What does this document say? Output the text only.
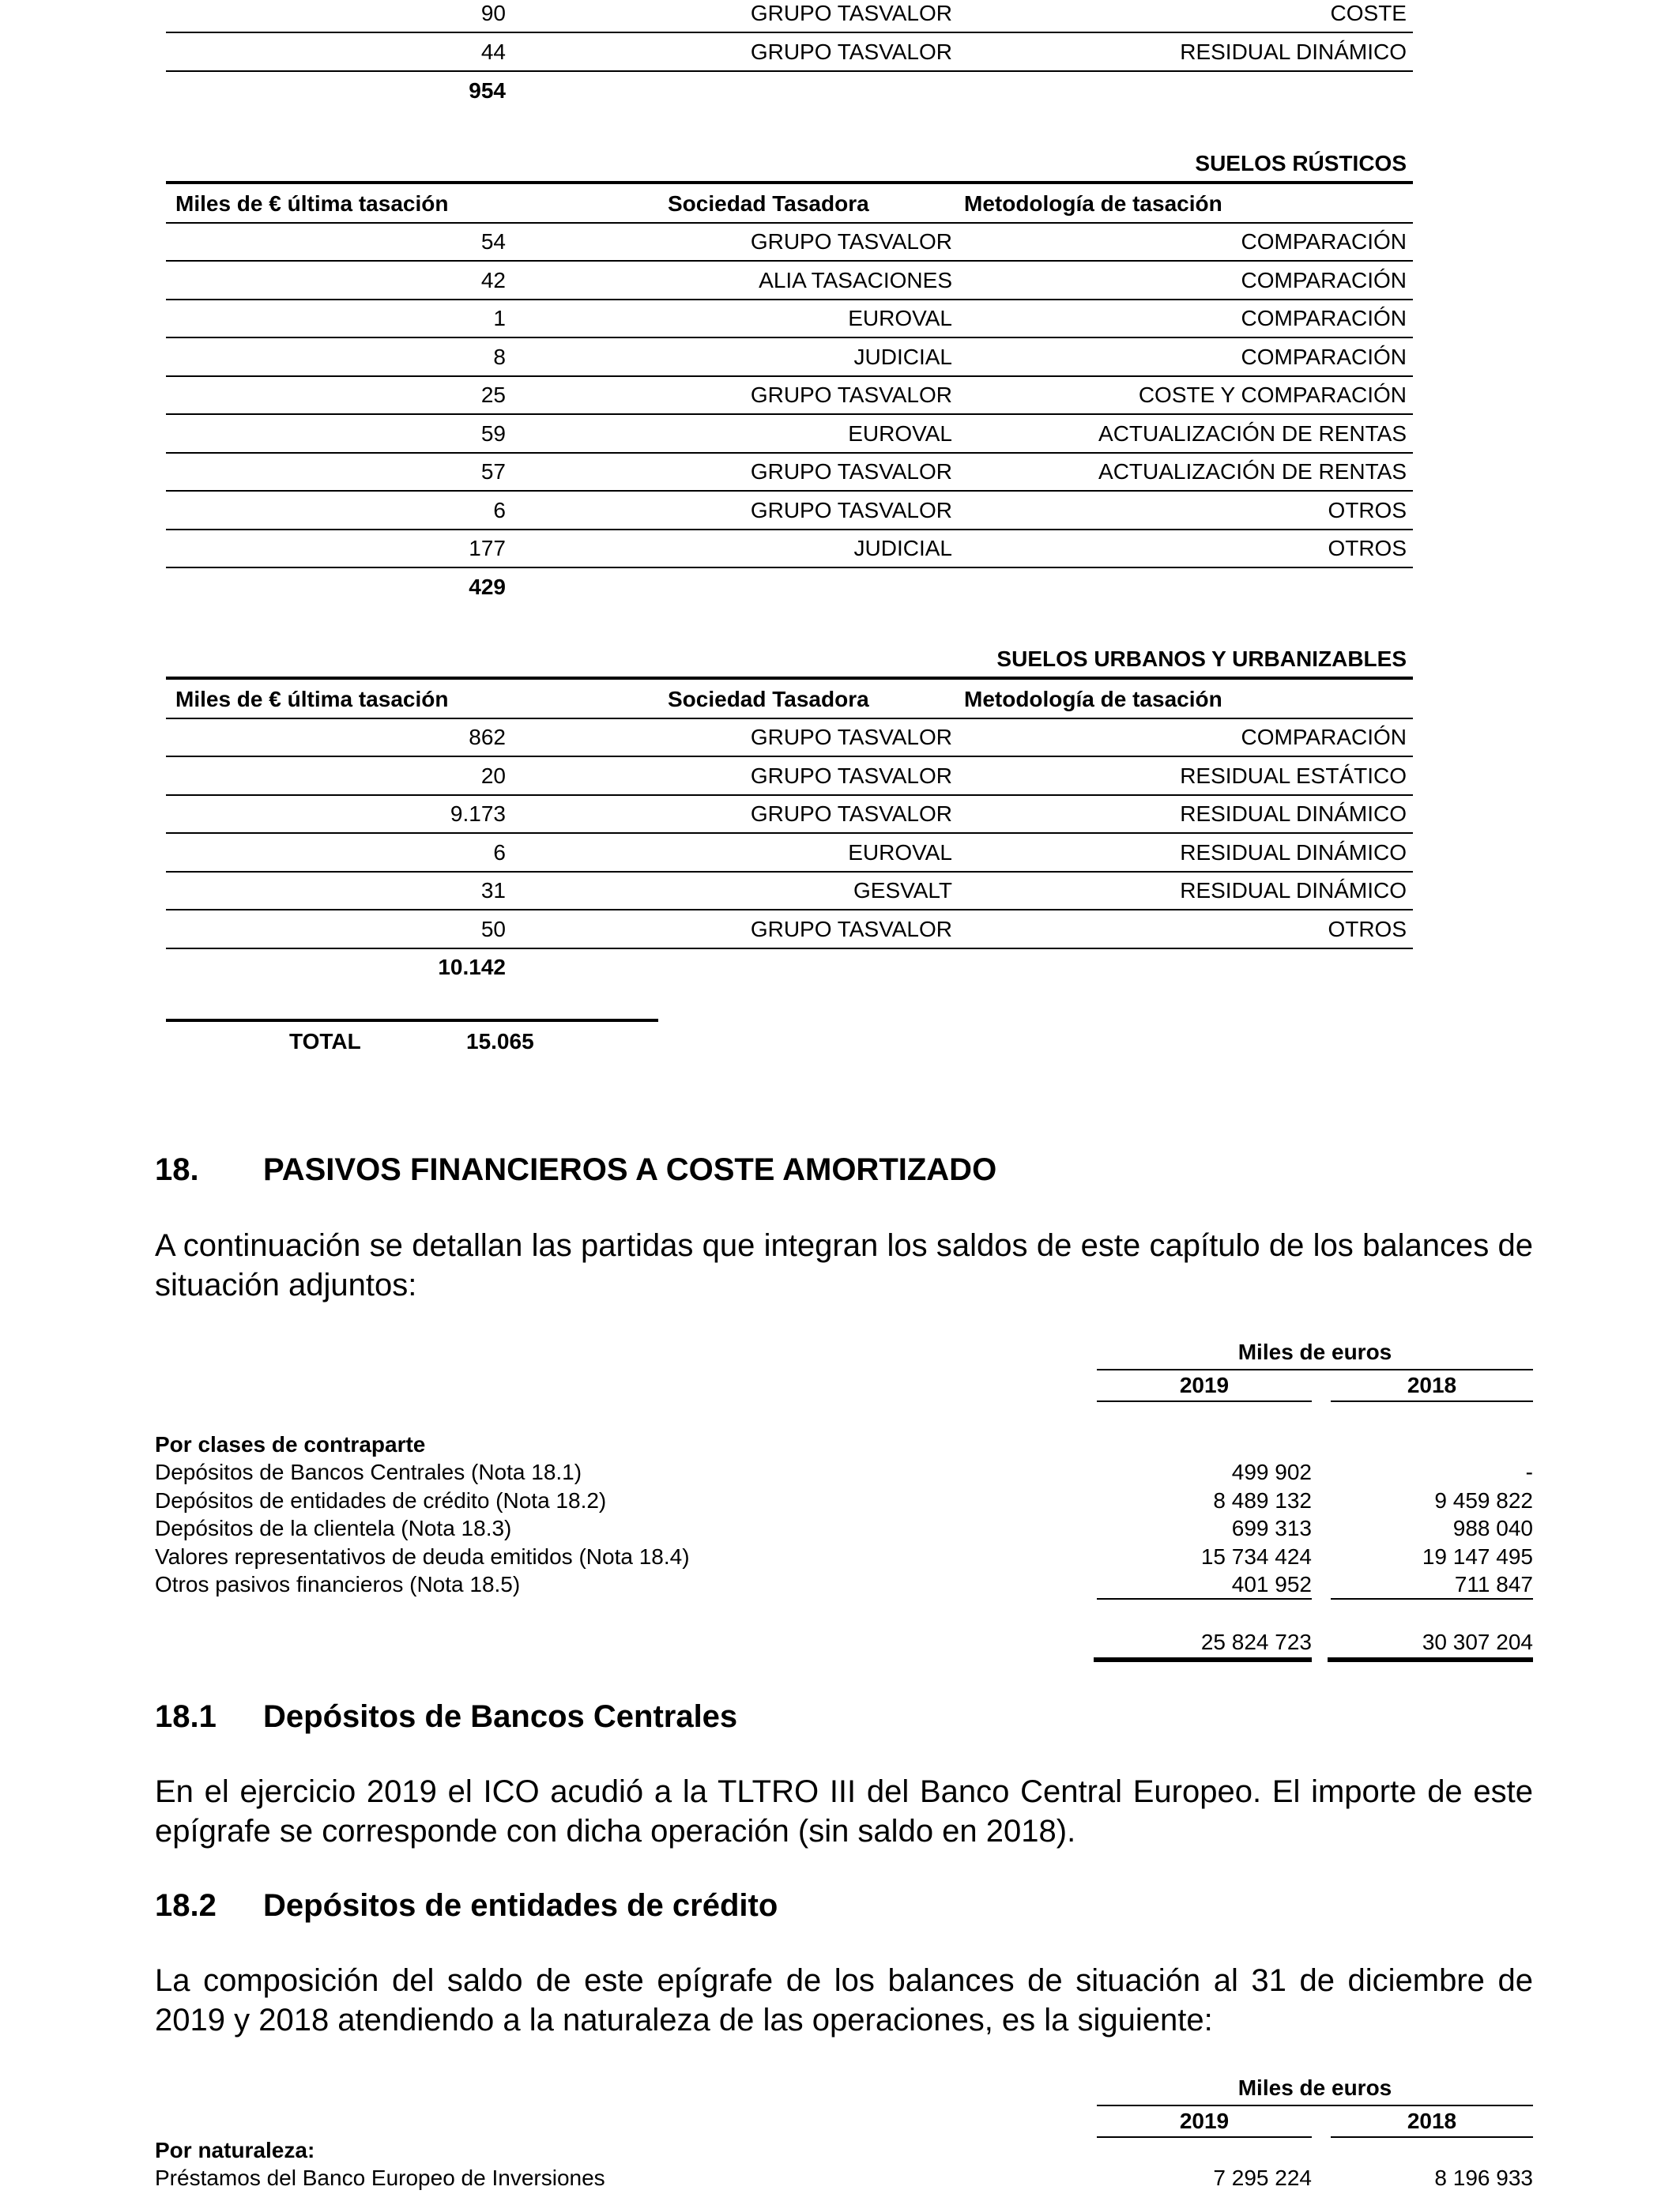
90	GRUPO TASVALOR	COSTE
44	GRUPO TASVALOR	RESIDUAL DINÁMICO
954
SUELOS RÚSTICOS
Miles de € última tasación	Sociedad Tasadora	Metodología de tasación
54	GRUPO TASVALOR	COMPARACIÓN
42	ALIA TASACIONES	COMPARACIÓN
1	EUROVAL	COMPARACIÓN
8	JUDICIAL	COMPARACIÓN
25	GRUPO TASVALOR	COSTE Y COMPARACIÓN
59	EUROVAL	ACTUALIZACIÓN DE RENTAS
57	GRUPO TASVALOR	ACTUALIZACIÓN DE RENTAS
6	GRUPO TASVALOR	OTROS
177	JUDICIAL	OTROS
429
SUELOS URBANOS Y URBANIZABLES
Miles de € última tasación	Sociedad Tasadora	Metodología de tasación
862	GRUPO TASVALOR	COMPARACIÓN
20	GRUPO TASVALOR	RESIDUAL ESTÁTICO
9.173	GRUPO TASVALOR	RESIDUAL DINÁMICO
6	EUROVAL	RESIDUAL DINÁMICO
31	GESVALT	RESIDUAL DINÁMICO
50	GRUPO TASVALOR	OTROS
10.142
TOTAL	15.065
18. PASIVOS FINANCIEROS A COSTE AMORTIZADO
A continuación se detallan las partidas que integran los saldos de este capítulo de los balances de situación adjuntos:
Miles de euros
2019	2018
Por clases de contraparte
Depósitos de Bancos Centrales (Nota 18.1)	499 902	-
Depósitos de entidades de crédito (Nota 18.2)	8 489 132	9 459 822
Depósitos de la clientela (Nota 18.3)	699 313	988 040
Valores representativos de deuda emitidos (Nota 18.4)	15 734 424	19 147 495
Otros pasivos financieros (Nota 18.5)	401 952	711 847
25 824 723	30 307 204
18.1 Depósitos de Bancos Centrales
En el ejercicio 2019 el ICO acudió a la TLTRO III del Banco Central Europeo. El importe de este epígrafe se corresponde con dicha operación (sin saldo en 2018).
18.2 Depósitos de entidades de crédito
La composición del saldo de este epígrafe de los balances de situación al 31 de diciembre de 2019 y 2018 atendiendo a la naturaleza de las operaciones, es la siguiente:
Miles de euros
2019	2018
Por naturaleza:
Préstamos del Banco Europeo de Inversiones	7 295 224	8 196 933
